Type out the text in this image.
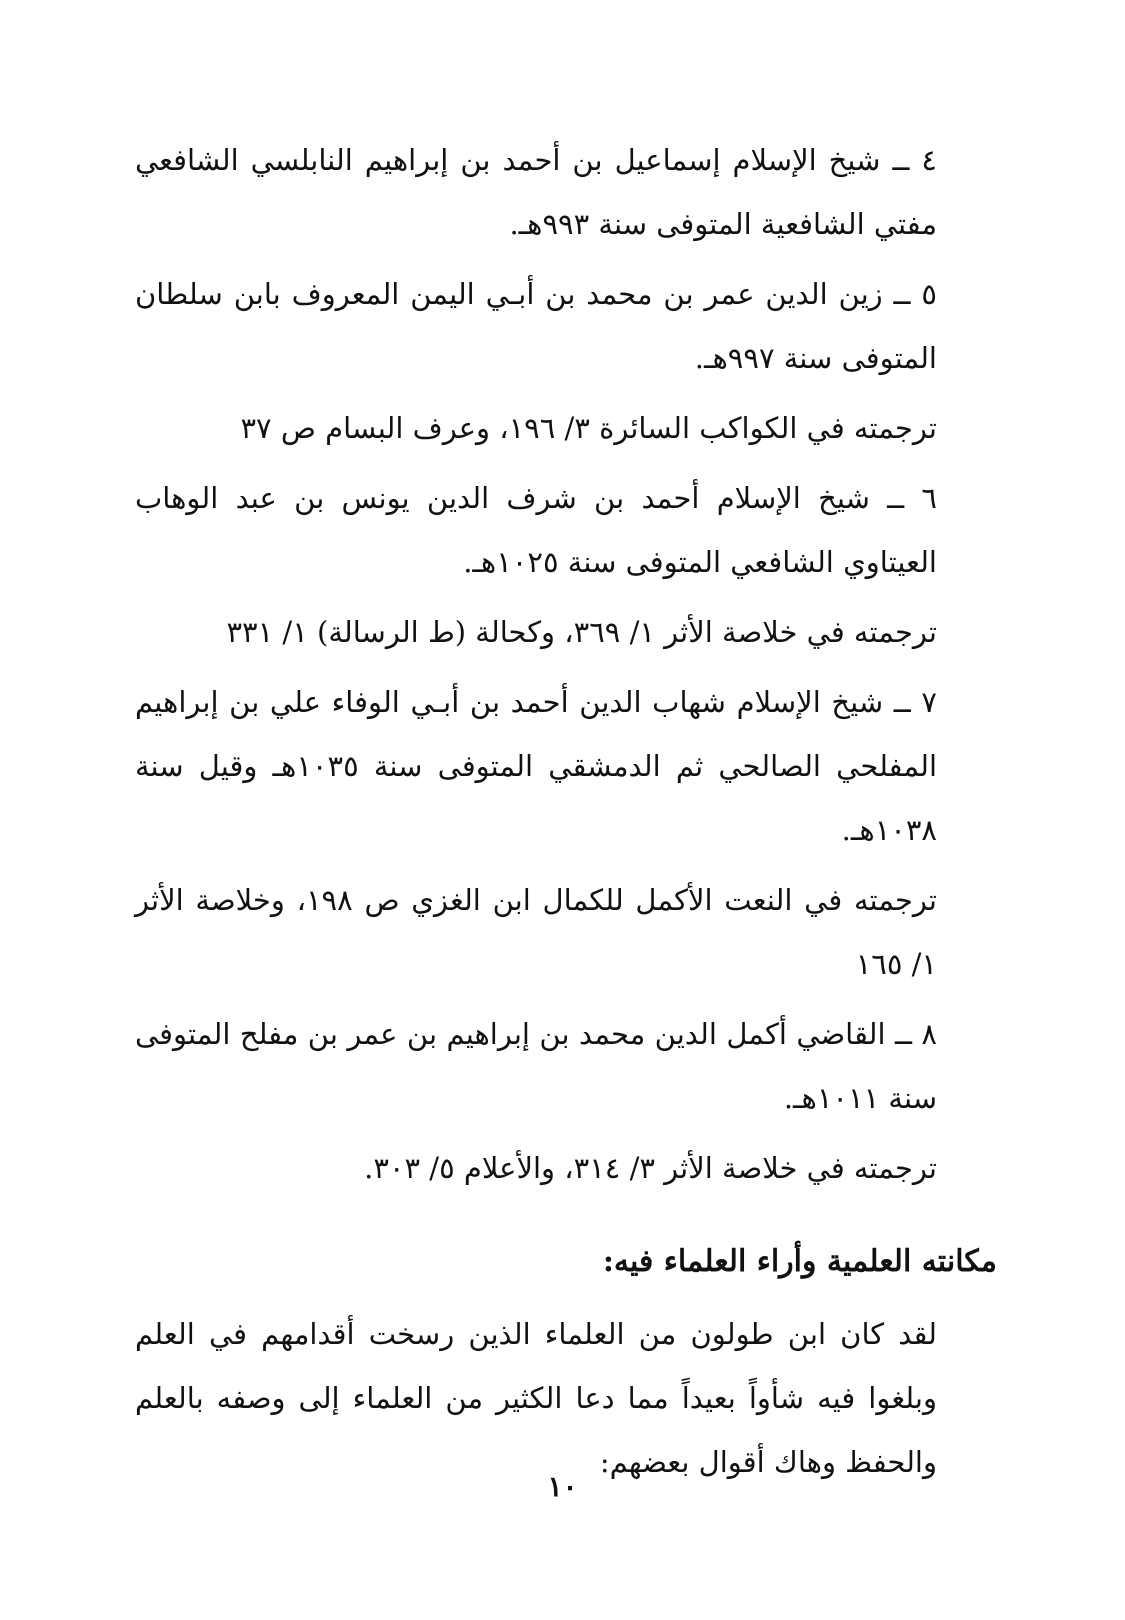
٤ ــ شيخ الإسلام إسماعيل بن أحمد بن إبراهيم النابلسي الشافعي مفتي الشافعية المتوفى سنة ٩٩٣هـ.

٥ ــ زين الدين عمر بن محمد بن أبـي اليمن المعروف بابن سلطان المتوفى سنة ٩٩٧هـ.

ترجمته في الكواكب السائرة ٣/ ١٩٦، وعرف البسام ص ٣٧

٦ ــ شيخ الإسلام أحمد بن شرف الدين يونس بن عبد الوهاب العيتاوي الشافعي المتوفى سنة ١٠٢٥هـ.

ترجمته في خلاصة الأثر ١/ ٣٦٩، وكحالة (ط الرسالة) ١/ ٣٣١

٧ ــ شيخ الإسلام شهاب الدين أحمد بن أبـي الوفاء علي بن إبراهيم المفلحي الصالحي ثم الدمشقي المتوفى سنة ١٠٣٥هـ وقيل سنة ١٠٣٨هـ.

ترجمته في النعت الأكمل للكمال ابن الغزي ص ١٩٨، وخلاصة الأثر ١/ ١٦٥

٨ ــ القاضي أكمل الدين محمد بن إبراهيم بن عمر بن مفلح المتوفى سنة ١٠١١هـ.

ترجمته في خلاصة الأثر ٣/ ٣١٤، والأعلام ٥/ ٣٠٣.

مكانته العلمية وأراء العلماء فيه:

لقد كان ابن طولون من العلماء الذين رسخت أقدامهم في العلم وبلغوا فيه شأواً بعيداً مما دعا الكثير من العلماء إلى وصفه بالعلم والحفظ وهاك أقوال بعضهم:

١٠
